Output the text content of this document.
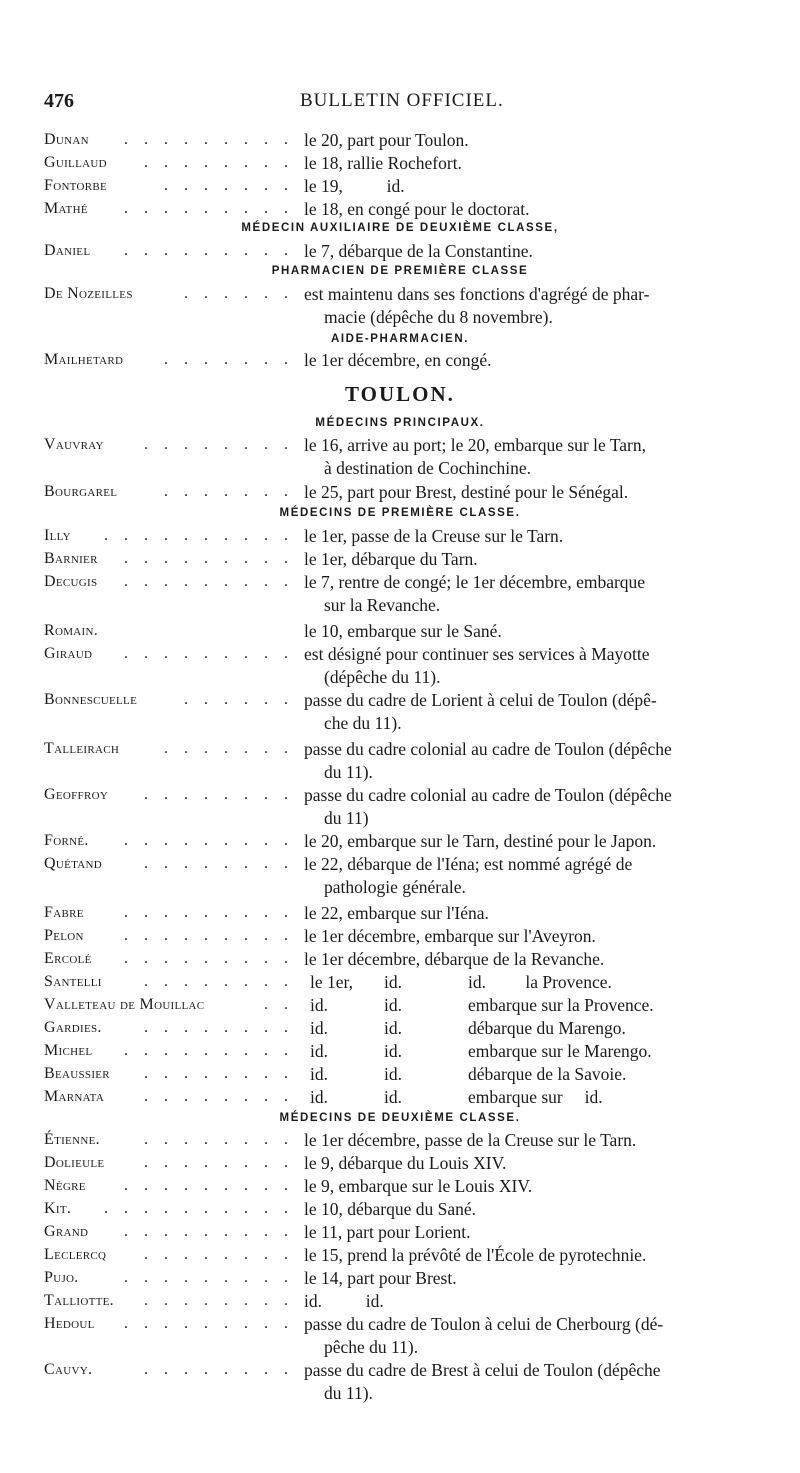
476	BULLETIN OFFICIEL.
Dunan	. . . . . . . . . le 20, part pour Toulon.
Guillaud	. . . . . . . . le 18, rallie Rochefort.
Fontorbe	. . . . . . . le 19,          id.
Mathé	. . . . . . . . . le 18, en congé pour le doctorat.
MÉDECIN AUXILIAIRE DE DEUXIÈME CLASSE,
Daniel	. . . . . . . . . le 7, débarque de la Constantine.
PHARMACIEN DE PREMIÈRE CLASSE
De Nozeilles	. . . . . . est maintenu dans ses fonctions d'agrégé de phar-
macie (dépêche du 8 novembre).
AIDE-PHARMACIEN.
Mailhetard	. . . . . . . le 1er décembre, en congé.
TOULON.
MÉDECINS PRINCIPAUX.
Vauvray	. . . . . . . . le 16, arrive au port; le 20, embarque sur le Tarn,
à destination de Cochinchine.
Bourgarel	. . . . . . . le 25, part pour Brest, destiné pour le Sénégal.
MÉDECINS DE PREMIÈRE CLASSE.
Illy	. . . . . . . . . . le 1er, passe de la Creuse sur le Tarn.
Barnier	. . . . . . . . . le 1er, débarque du Tarn.
Decugis	. . . . . . . . . le 7, rentre de congé; le 1er décembre, embarque
sur la Revanche.
Romain.	le 10, embarque sur le Sané.
Giraud	. . . . . . . . . est désigné pour continuer ses services à Mayotte
(dépêche du 11).
Bonnescuelle	. . . . . . passe du cadre de Lorient à celui de Toulon (dépê-
che du 11).
Talleirach	. . . . . . . passe du cadre colonial au cadre de Toulon (dépêche
du 11).
Geoffroy	. . . . . . . . passe du cadre colonial au cadre de Toulon (dépêche
du 11)
Forné.	. . . . . . . . . le 20, embarque sur le Tarn, destiné pour le Japon.
Quétand	. . . . . . . . le 22, débarque de l'Iéna; est nommé agrégé de
pathologie générale.
Fabre	. . . . . . . . . le 22, embarque sur l'Iéna.
Pelon	. . . . . . . . . le 1er décembre, embarque sur l'Aveyron.
Ercolé	. . . . . . . . . le 1er décembre, débarque de la Revanche.
Santelli	. . . . . . . . le 1er, id.	id.         la Provence.
Valleteau de Mouillac	. . id.	id.	embarque sur la Provence.
Gardies.	. . . . . . . . id.	id.	débarque du Marengo.
Michel	. . . . . . . . . id.	id.	embarque sur le Marengo.
Beaussier	. . . . . . . . id.	id.	débarque de la Savoie.
Marnata	. . . . . . . . id.	id.	embarque sur     id.
MÉDECINS DE DEUXIÈME CLASSE.
Étienne.	. . . . . . . . le 1er décembre, passe de la Creuse sur le Tarn.
Dolieule	. . . . . . . . le 9, débarque du Louis XIV.
Nègre	. . . . . . . . . le 9, embarque sur le Louis XIV.
Kit.	. . . . . . . . . . le 10, débarque du Sané.
Grand	. . . . . . . . . le 11, part pour Lorient.
Leclercq	. . . . . . . . le 15, prend la prévôté de l'École de pyrotechnie.
Pujo.	. . . . . . . . . le 14, part pour Brest.
Talliotte.	. . . . . . . . id.          id.
Hedoul	. . . . . . . . . passe du cadre de Toulon à celui de Cherbourg (dé-
pêche du 11).
Cauvy.	. . . . . . . . passe du cadre de Brest à celui de Toulon (dépêche
du 11).
